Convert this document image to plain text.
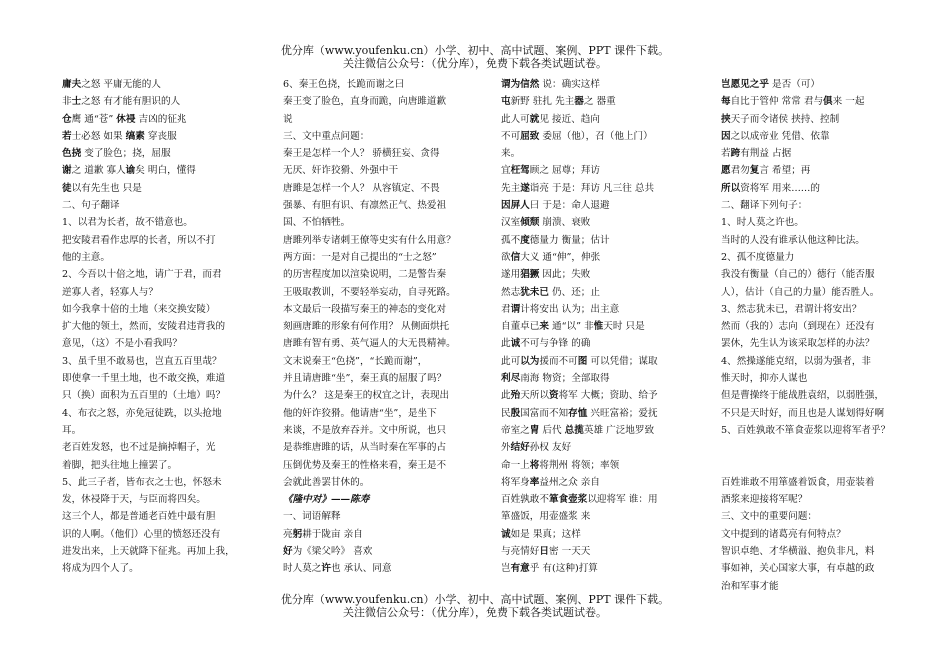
优分库（www.youfenku.cn）小学、初中、高中试题、案例、PPT 课件下载。
关注微信公众号：（优分库），免费下载各类试题试卷。
庸夫之怒 平庸无能的人
非士之怒 有才能有胆识的人
仓鹰 通“苍” 休祲 吉凶的征兆
若士必怒 如果 缟素 穿丧服
色挠 变了脸色；挠，屈服
谢之 道歉 寡人谕矣 明白，懂得
徒以有先生也 只是
二、句子翻译
1、以君为长者，故不错意也。
把安陵君看作忠厚的长者，所以不打
他的主意。
2、今吾以十倍之地，请广于君，而君
逆寡人者，轻寡人与？
如今我拿十倍的土地（来交换安陵）
扩大他的领土，然而，安陵君违背我的
意见，（这）不是小看我吗？
3、虽千里不敢易也，岂直五百里哉？
即使拿一千里土地，也不敢交换，难道
只（换）面积为五百里的（土地）吗？
4、布衣之怒，亦免冠徒跣，以头抢地
耳。
老百姓发怒，也不过是摘掉帽子，光
着脚，把头往地上撞罢了。
5、此三子者，皆布衣之士也，怀怒未
发，休祲降于天，与臣而将四矣。
这三个人，都是普通老百姓中最有胆
识的人啊。（他们）心里的愤怒还没有
进发出来，上天就降下征兆。再加上我，
将成为四个人了。
6、秦王色挠，长跪而谢之曰
秦王变了脸色，直身而跪，向唐雎道歉
说
三、文中重点问题：
秦王是怎样一个人？ 骄横狂妄、贪得
无厌、奸诈狡猾、外强中干
唐雎是怎样一个人？ 从容镇定、不畏
强暴、有胆有识、有凛然正气、热爱祖
国、不怕牺牲。
唐雎列举专诸刺王僚等史实有什么用意？
两方面：一是对自己提出的“士之怒”
的历害程度加以渲染说明，二是警告秦
王吸取教训，不要轻举妄动，自寻死路。
本文最后一段描写秦王的神态的变化对
刻画唐雎的形象有何作用？ 从侧面烘托
唐雎有智有勇、英气逼人的大无畏精神。
文末说秦王“色挠”，“长跪而谢”，
并且请唐雎“坐”，秦王真的屈服了吗？
为什么？ 这是秦王的权宜之计，表现出
他的奸诈狡猾。他请唐“坐”，是坐下
来谈，不是放弃吞并。文中所说，也只
是恭维唐雎的话，从当时秦在军事的占
压倒优势及秦王的性格来看，秦王是不
会就此善罢甘休的。
《隆中对》——陈寿
一、词语解释
亮躬耕于陇亩 亲自
好为《梁父吟》 喜欢
时人莫之许也 承认、同意
谓为信然 说：确实这样
屯新野 驻扎 先主器之 器重
此人可就见 接近、趋向
不可屈致 委屈（他），召（他上门）
来。
宜枉驾顾之 屈尊；拜访
先主遂诣亮 于是：拜访 凡三往 总共
因屏人曰 于是：命人退避
汉室倾颓 崩溃、衰败
孤不度德量力 衡量；估计
欲信大义 通“伸”，伸张
遂用猖獗 因此；失败
然志犹未已 仍、还；止
君谓计将安出 认为；出主意
自董卓已来 通“以” 非惟天时 只是
此诚不可与争锋 的确
此可以为援而不可图 可以凭借；谋取
利尽南海 物资；全部取得
此殆天所以资将军 大概；资助、给予
民殷国富而不知存恤 兴旺富裕；爱抚
帝室之胄 后代 总揽英雄 广泛地罗致
外结好孙权 友好
命一上将将荆州 将领；率领
将军身率益州之众 亲自
百姓孰敢不箪食壶浆以迎将军 谁：用
箪盛饭，用壶盛浆 来
诚如是 果真；这样
与亮情好日密 一天天
岂有意乎 有(这种)打算
岂愿见之乎 是否（可）
每自比于管仲 常常 君与俱来 一起
挟天子而令诸侯 挟持、控制
因之以成帝业 凭借、依靠
若跨有荆益 占据
愿君勿复言 希望；再
所以资将军 用来……的
二、翻译下列句子：
1、时人莫之许也。
当时的人没有谁承认他这种比法。
2、孤不度德量力
我没有衡量（自己的）德行（能否服
人），估计（自己的力量）能否胜人。
3、然志犹未已，君谓计将安出？
然而（我的）志向（到现在）还没有
罢休，先生认为该采取怎样的办法？
4、然操遂能克绍，以弱为强者，非
惟天时，抑亦人谋也
但是曹操终于能战胜袁绍，以弱胜强，
不只是天时好，而且也是人谋划得好啊
5、百姓孰敢不箪食壶浆以迎将军者乎？

百姓谁敢不用箪盛着饭食，用壶装着
酒浆来迎接将军呢？
三、文中的重要问题：
文中提到的诸葛亮有何特点？
智识卓绝、才华横溢、抱负非凡，料
事如神，关心国家大事，有卓越的政
治和军事才能
优分库（www.youfenku.cn）小学、初中、高中试题、案例、PPT 课件下载。
关注微信公众号：（优分库），免费下载各类试题试卷。
